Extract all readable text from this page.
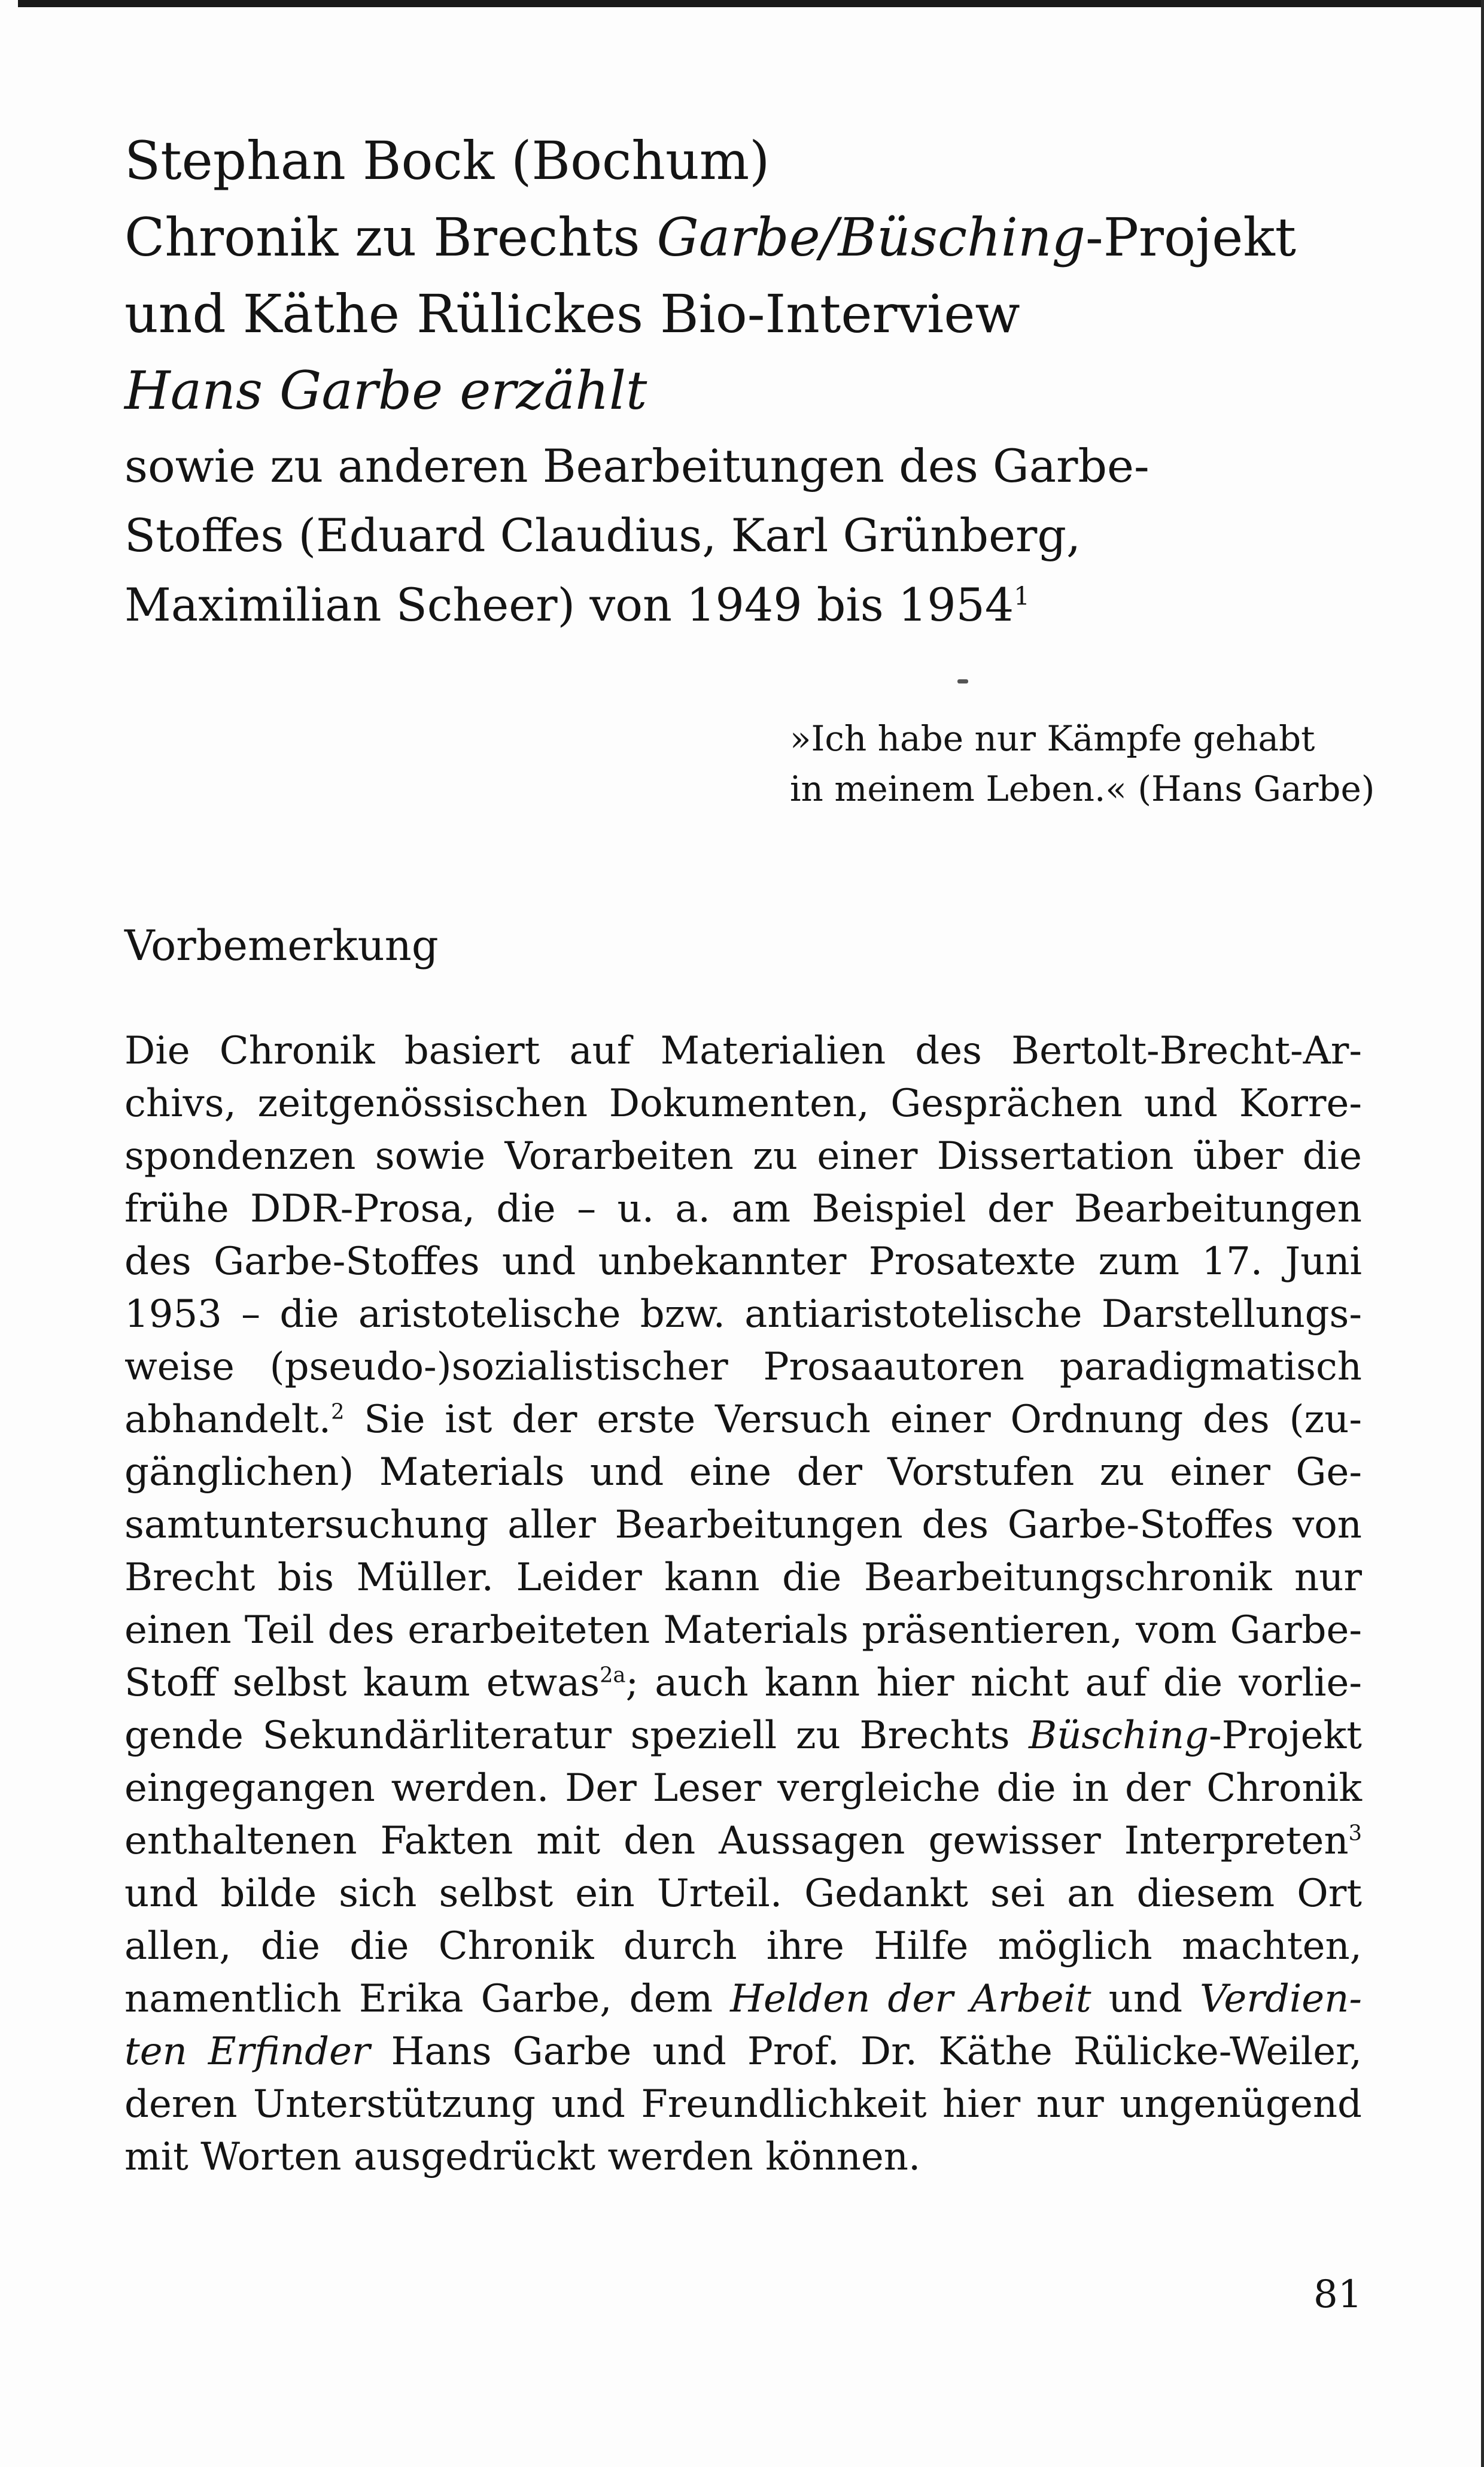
Stephan Bock (Bochum)

Chronik zu Brechts Garbe/Büsching-Projekt

und Käthe Rülickes Bio-Interview

Hans Garbe erzählt

sowie zu anderen Bearbeitungen des Garbe-

Stoffes (Eduard Claudius, Karl Grünberg,

Maximilian Scheer) von 1949 bis 1954$^1$

»Ich habe nur Kämpfe gehabt

in meinem Leben.« (Hans Garbe)

Vorbemerkung
Die Chronik basiert auf Materialien des Bertolt-Brecht-Ar-
chivs, zeitgenössischen Dokumenten, Gesprächen und Korre-
spondenzen sowie Vorarbeiten zu einer Dissertation über die
frühe DDR-Prosa, die – u. a. am Beispiel der Bearbeitungen
des Garbe-Stoffes und unbekannter Prosatexte zum 17. Juni
1953 – die aristotelische bzw. antiaristotelische Darstellungs-
weise (pseudo-)sozialistischer Prosaautoren paradigmatisch
abhandelt.$^2$ Sie ist der erste Versuch einer Ordnung des (zu-
gänglichen) Materials und eine der Vorstufen zu einer Ge-
samtuntersuchung aller Bearbeitungen des Garbe-Stoffes von
Brecht bis Müller. Leider kann die Bearbeitungschronik nur
einen Teil des erarbeiteten Materials präsentieren, vom Garbe-
Stoff selbst kaum etwas$^{2a}$; auch kann hier nicht auf die vorlie-
gende Sekundärliteratur speziell zu Brechts Büsching-Projekt
eingegangen werden. Der Leser vergleiche die in der Chronik
enthaltenen Fakten mit den Aussagen gewisser Interpreten$^3$
und bilde sich selbst ein Urteil. Gedankt sei an diesem Ort
allen, die die Chronik durch ihre Hilfe möglich machten,
namentlich Erika Garbe, dem Helden der Arbeit und Verdien-
ten Erfinder Hans Garbe und Prof. Dr. Käthe Rülicke-Weiler,
deren Unterstützung und Freundlichkeit hier nur ungenügend
mit Worten ausgedrückt werden können.
81
